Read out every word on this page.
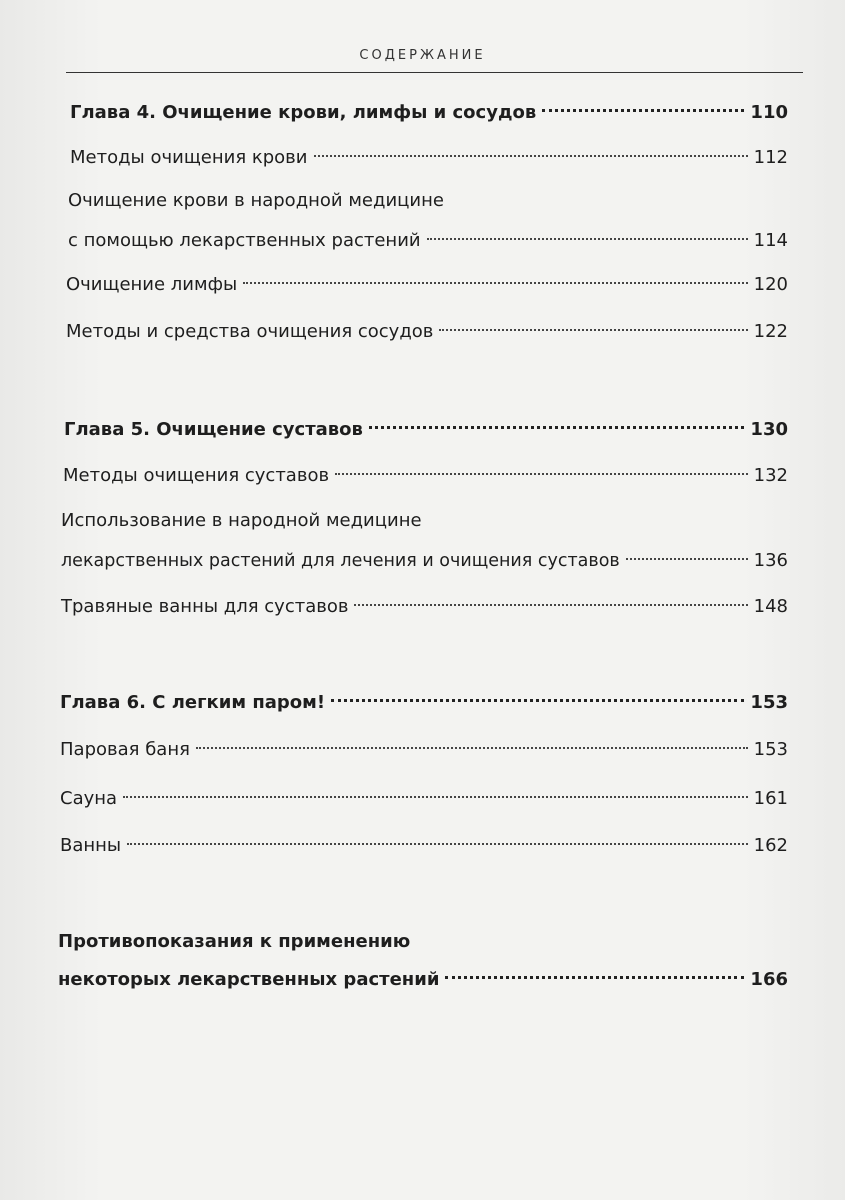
СОДЕРЖАНИЕ
Глава 4. Очищение крови, лимфы и сосудов	110
Методы очищения крови	112
Очищение крови в народной медицине
с помощью лекарственных растений	114
Очищение лимфы	120
Методы и средства очищения сосудов	122
Глава 5. Очищение суставов	130
Методы очищения суставов	132
Использование в народной медицине
лекарственных растений для лечения и очищения суставов	136
Травяные ванны для суставов	148
Глава 6. С легким паром!	153
Паровая баня	153
Сауна	161
Ванны	162
Противопоказания к применению
некоторых лекарственных растений	166
